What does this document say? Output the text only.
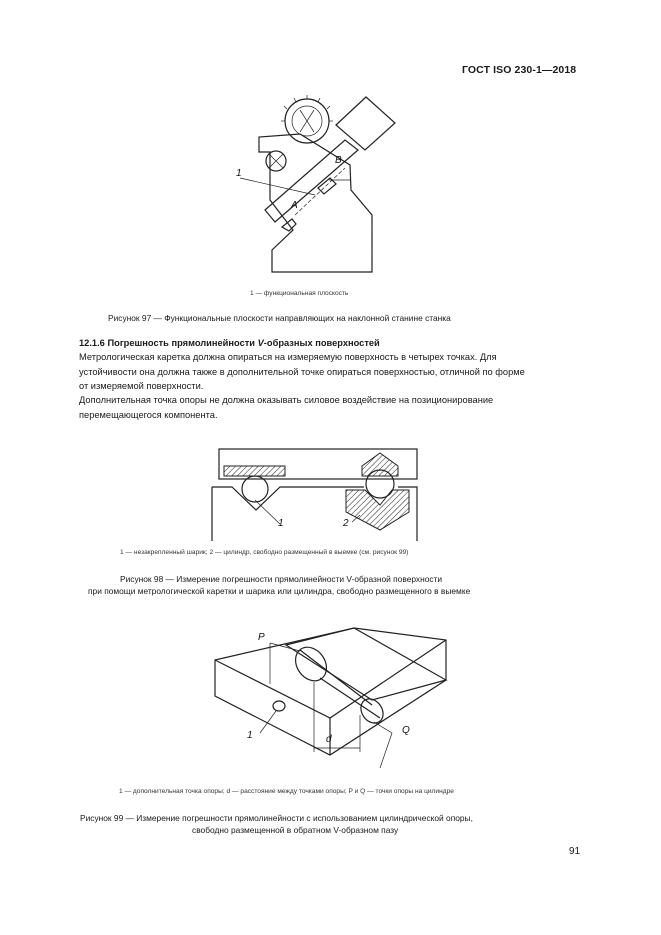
ГОСТ ISO 230-1—2018
1
A
B
1 — функциональная плоскость
Рисунок 97 — Функциональные плоскости направляющих на наклонной станине станка
12.1.6 Погрешность прямолинейности V-образных поверхностей
Метрологическая каретка должна опираться на измеряемую поверхность в четырех точках. Для
устойчивости она должна также в дополнительной точке опираться поверхностью, отличной по форме
от измеряемой поверхности.
Дополнительная точка опоры не должна оказывать силовое воздействие на позиционирование
перемещающегося компонента.
1	2
1 — незакрепленный шарик; 2 — цилиндр, свободно размещенный в выемке (см. рисунок 99)
Рисунок 98 — Измерение погрешности прямолинейности V-образной поверхности
при помощи метрологической каретки и шарика или цилиндра, свободно размещенного в выемке
P
1	d
Q
1 — дополнительная точка опоры; d — расстояние между точками опоры; P и Q — точки опоры на цилиндре
Рисунок 99 — Измерение погрешности прямолинейности с использованием цилиндрической опоры,
свободно размещенной в обратном V-образном пазу
91
